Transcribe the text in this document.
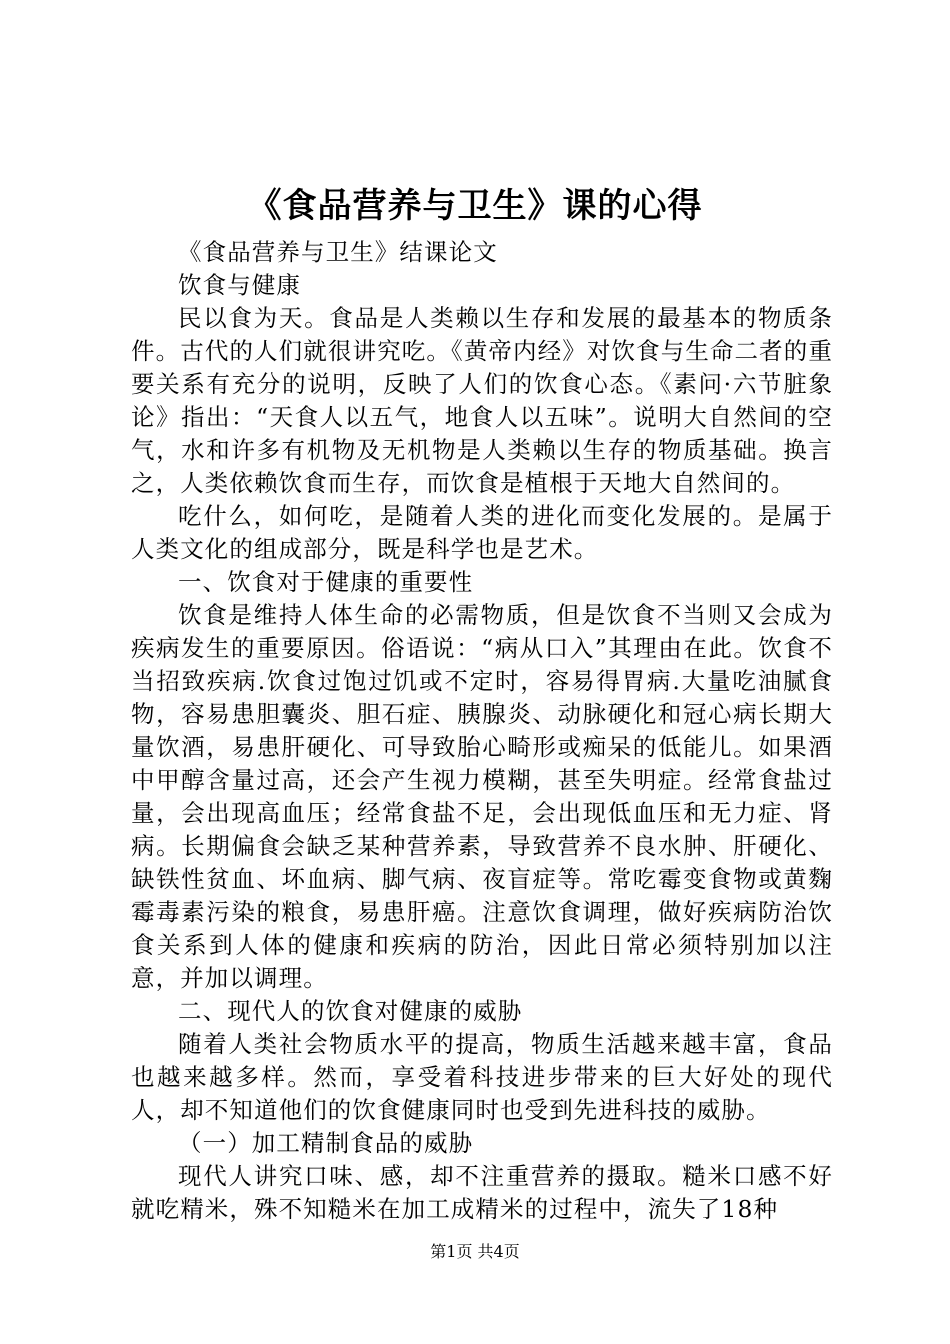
《食品营养与卫生》课的心得

《食品营养与卫生》结课论文

饮食与健康

民以食为天。食品是人类赖以生存和发展的最基本的物质条件。古代的人们就很讲究吃。《黄帝内经》对饮食与生命二者的重要关系有充分的说明，反映了人们的饮食心态。《素问·六节脏象论》指出：“天食人以五气，地食人以五味”。说明大自然间的空气，水和许多有机物及无机物是人类赖以生存的物质基础。换言之，人类依赖饮食而生存，而饮食是植根于天地大自然间的。

吃什么，如何吃，是随着人类的进化而变化发展的。是属于人类文化的组成部分，既是科学也是艺术。

一、饮食对于健康的重要性

饮食是维持人体生命的必需物质，但是饮食不当则又会成为疾病发生的重要原因。俗语说：“病从口入”其理由在此。饮食不当招致疾病.饮食过饱过饥或不定时，容易得胃病.大量吃油腻食物，容易患胆囊炎、胆石症、胰腺炎、动脉硬化和冠心病长期大量饮酒，易患肝硬化、可导致胎心畸形或痴呆的低能儿。如果酒中甲醇含量过高，还会产生视力模糊，甚至失明症。经常食盐过量，会出现高血压；经常食盐不足，会出现低血压和无力症、肾病。长期偏食会缺乏某种营养素，导致营养不良水肿、肝硬化、缺铁性贫血、坏血病、脚气病、夜盲症等。常吃霉变食物或黄麴霉毒素污染的粮食，易患肝癌。注意饮食调理，做好疾病防治饮食关系到人体的健康和疾病的防治，因此日常必须特别加以注意，并加以调理。

二、现代人的饮食对健康的威胁

随着人类社会物质水平的提高，物质生活越来越丰富，食品也越来越多样。然而，享受着科技进步带来的巨大好处的现代人，却不知道他们的饮食健康同时也受到先进科技的威胁。

（一）加工精制食品的威胁

现代人讲究口味、感，却不注重营养的摄取。糙米口感不好就吃精米，殊不知糙米在加工成精米的过程中，流失了18种

第1页 共4页
